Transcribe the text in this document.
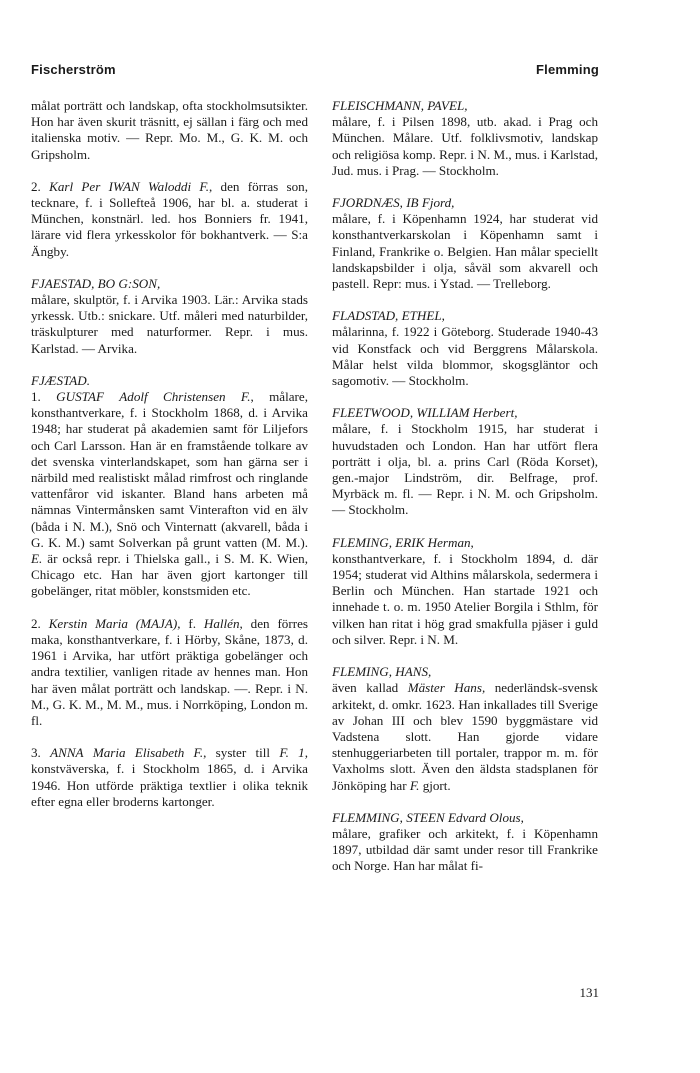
Fischerström	Flemming

målat porträtt och landskap, ofta stockholmsutsikter. Hon har även skurit träsnitt, ej sällan i färg och med italienska motiv. — Repr. Mo. M., G. K. M. och Gripsholm.

2. Karl Per IWAN Waloddi F., den förras son, tecknare, f. i Sollefteå 1906, har bl. a. studerat i München, konstnärl. led. hos Bonniers fr. 1941, lärare vid flera yrkesskolor för bokhantverk. — S:a Ängby.

FJAESTAD, BO G:SON,

målare, skulptör, f. i Arvika 1903. Lär.: Arvika stads yrkessk. Utb.: snickare. Utf. måleri med naturbilder, träskulpturer med naturformer. Repr. i mus. Karlstad. — Arvika.

FJÆSTAD.

1. GUSTAF Adolf Christensen F., målare, konsthantverkare, f. i Stockholm 1868, d. i Arvika 1948; har studerat på akademien samt för Liljefors och Carl Larsson. Han är en framstående tolkare av det svenska vinterlandskapet, som han gärna ser i närbild med realistiskt målad rimfrost och ringlande vattenfåror vid iskanter. Bland hans arbeten må nämnas Vintermånsken samt Vinterafton vid en älv (båda i N. M.), Snö och Vinternatt (akvarell, båda i G. K. M.) samt Solverkan på grunt vatten (M. M.). E. är också repr. i Thielska gall., i S. M. K. Wien, Chicago etc. Han har även gjort kartonger till gobelänger, ritat möbler, konstsmiden etc.

2. Kerstin Maria (MAJA), f. Hallén, den förres maka, konsthantverkare, f. i Hörby, Skåne, 1873, d. 1961 i Arvika, har utfört präktiga gobelänger och andra textilier, vanligen ritade av hennes man. Hon har även målat porträtt och landskap. —. Repr. i N. M., G. K. M., M. M., mus. i Norrköping, London m. fl.

3. ANNA Maria Elisabeth F., syster till F. 1, konstväverska, f. i Stockholm 1865, d. i Arvika 1946. Hon utförde präktiga textlier i olika teknik efter egna eller broderns kartonger.

FLEISCHMANN, PAVEL,

målare, f. i Pilsen 1898, utb. akad. i Prag och München. Målare. Utf. folklivsmotiv, landskap och religiösa komp. Repr. i N. M., mus. i Karlstad, Jud. mus. i Prag. — Stockholm.

FJORDNÆS, IB Fjord,

målare, f. i Köpenhamn 1924, har studerat vid konsthantverkarskolan i Köpenhamn samt i Finland, Frankrike o. Belgien. Han målar speciellt landskapsbilder i olja, såväl som akvarell och pastell. Repr: mus. i Ystad. — Trelleborg.

FLADSTAD, ETHEL,

målarinna, f. 1922 i Göteborg. Studerade 1940-43 vid Konstfack och vid Berggrens Målarskola. Målar helst vilda blommor, skogsgläntor och sagomotiv. — Stockholm.

FLEETWOOD, WILLIAM Herbert,

målare, f. i Stockholm 1915, har studerat i huvudstaden och London. Han har utfört flera porträtt i olja, bl. a. prins Carl (Röda Korset), gen.-major Lindström, dir. Belfrage, prof. Myrbäck m. fl. — Repr. i N. M. och Gripsholm. — Stockholm.

FLEMING, ERIK Herman,

konsthantverkare, f. i Stockholm 1894, d. där 1954; studerat vid Althins målarskola, sedermera i Berlin och München. Han startade 1921 och innehade t. o. m. 1950 Atelier Borgila i Sthlm, för vilken han ritat i hög grad smakfulla pjäser i guld och silver. Repr. i N. M.

FLEMING, HANS,

även kallad Mäster Hans, nederländsk-svensk arkitekt, d. omkr. 1623. Han inkallades till Sverige av Johan III och blev 1590 byggmästare vid Vadstena slott. Han gjorde vidare stenhuggeriarbeten till portaler, trappor m. m. för Vaxholms slott. Även den äldsta stadsplanen för Jönköping har F. gjort.

FLEMMING, STEEN Edvard Olous,

målare, grafiker och arkitekt, f. i Köpenhamn 1897, utbildad där samt under resor till Frankrike och Norge. Han har målat fi-

131
